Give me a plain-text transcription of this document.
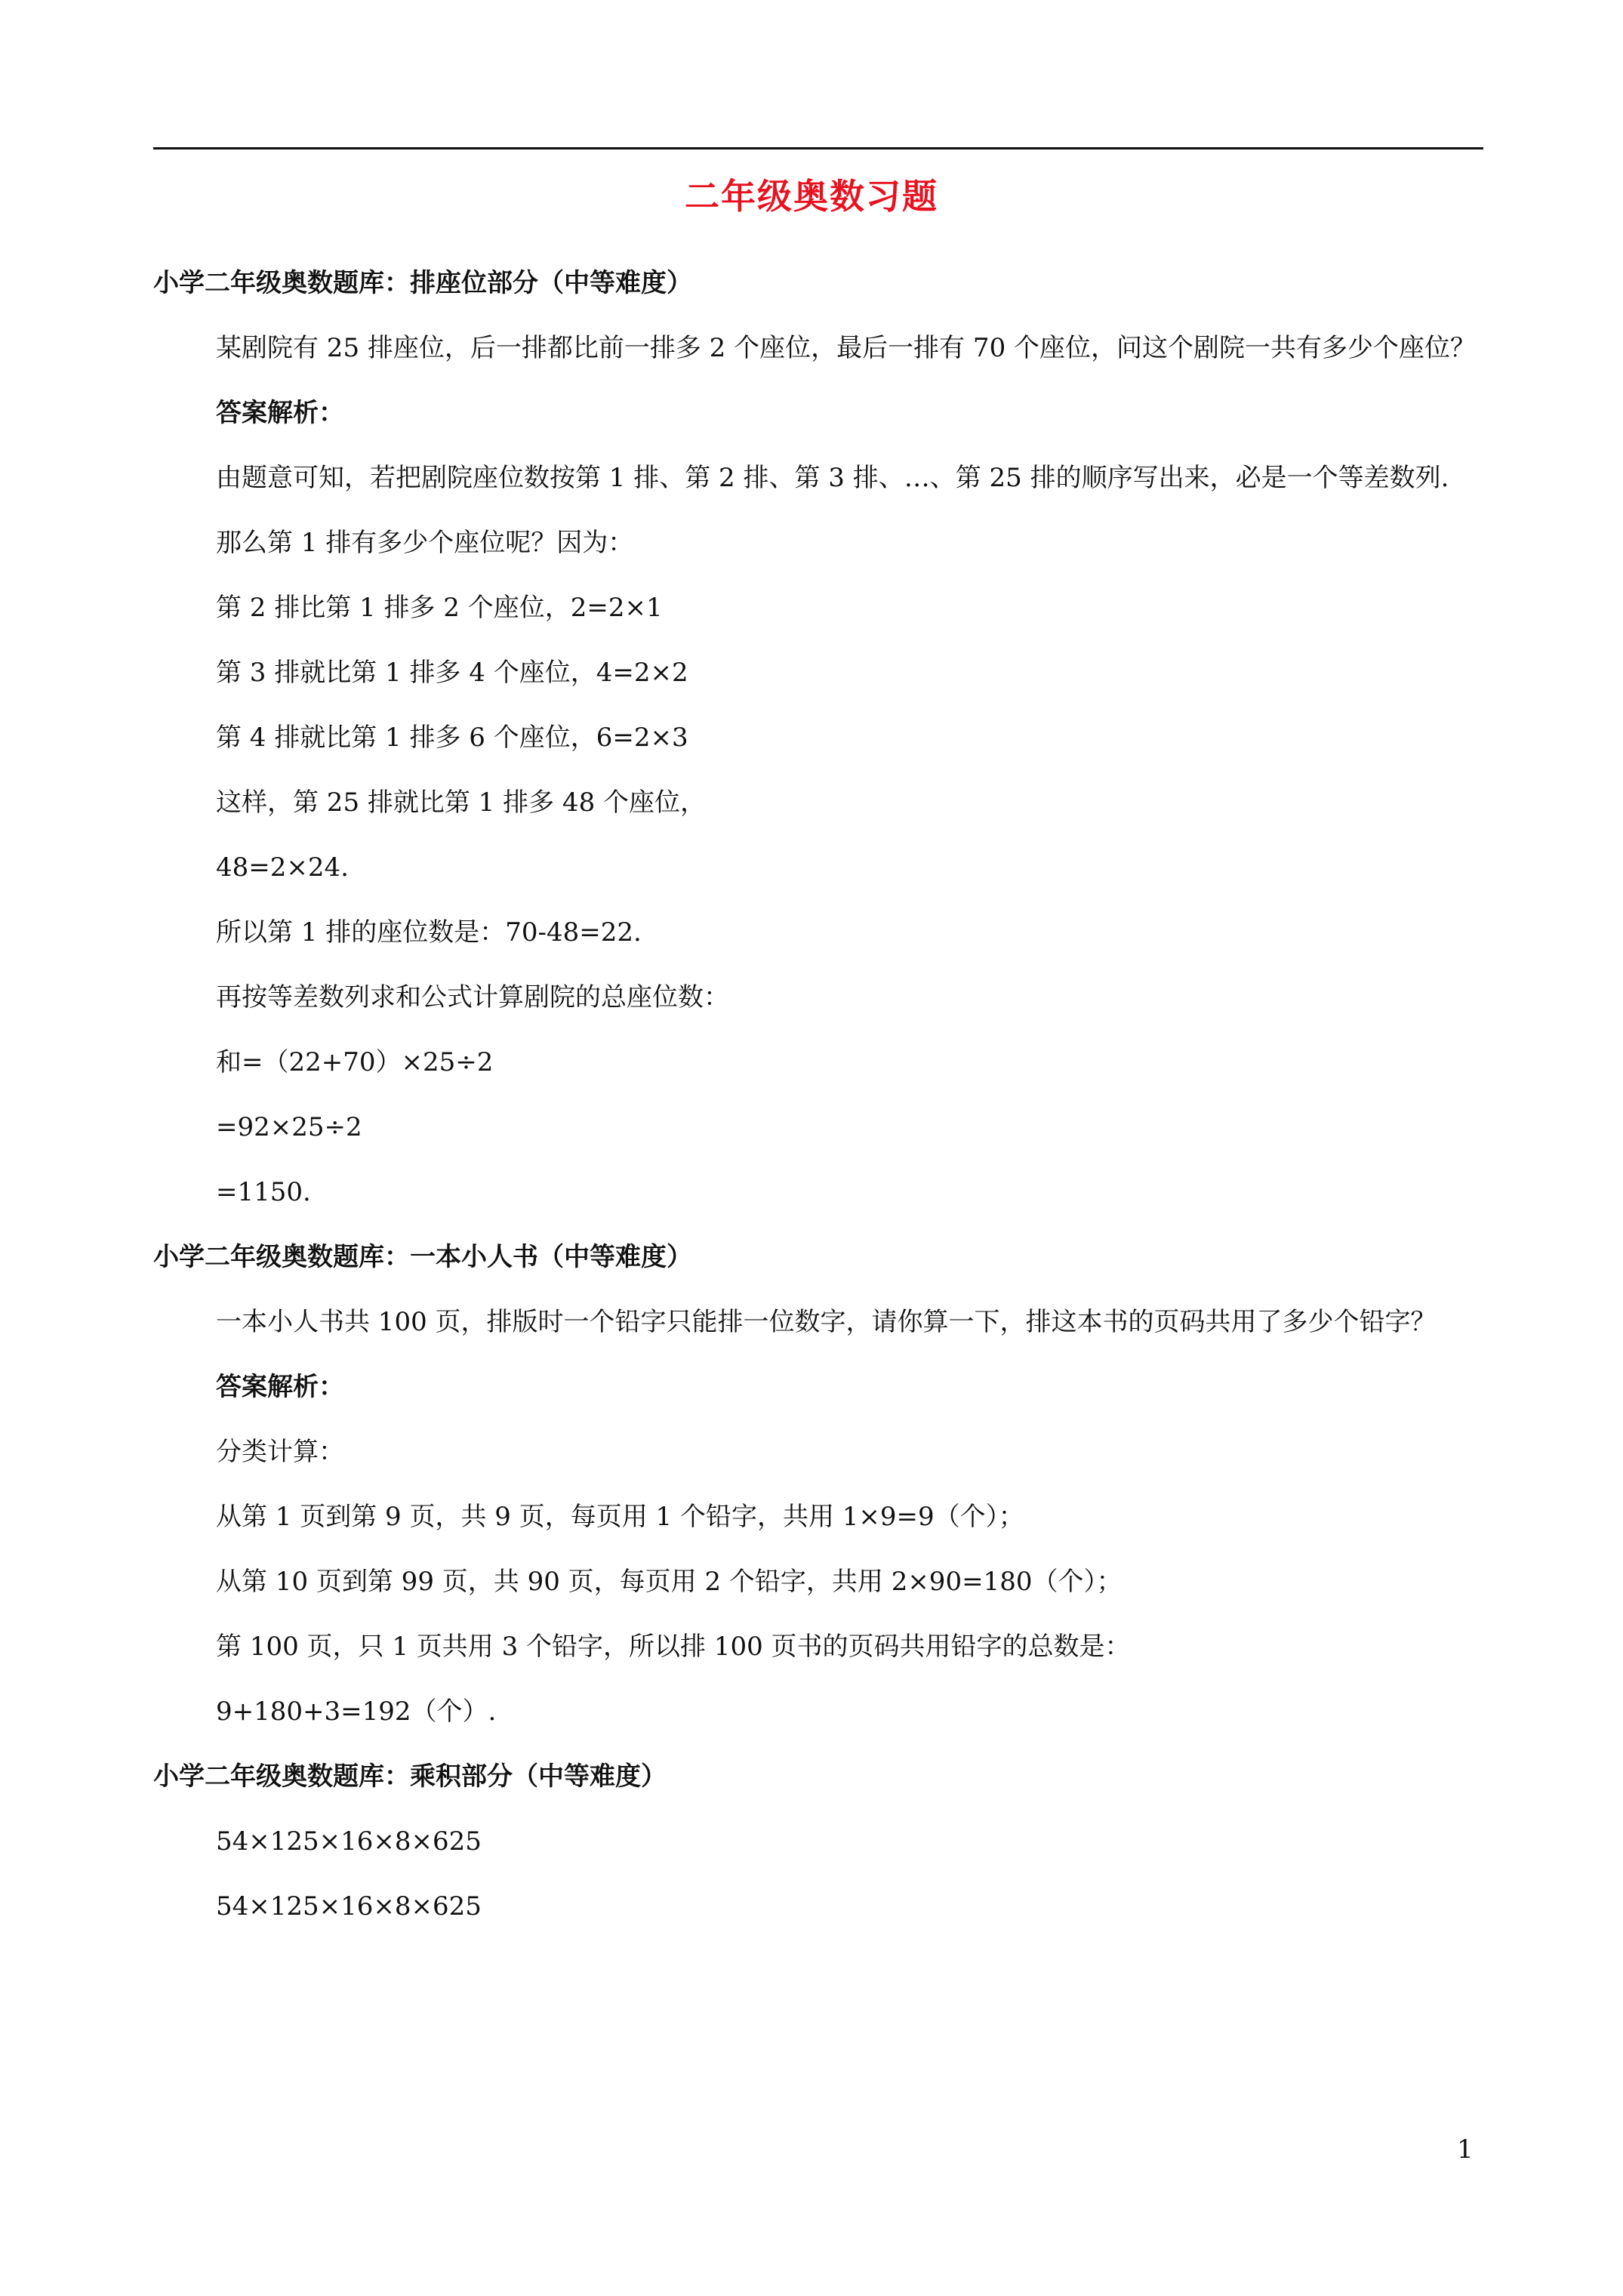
二年级奥数习题
小学二年级奥数题库：排座位部分（中等难度）

某剧院有 25 排座位，后一排都比前一排多 2 个座位，最后一排有 70 个座位，问这个剧院一共有多少个座位？

答案解析：

由题意可知，若把剧院座位数按第 1 排、第 2 排、第 3 排、…、第 25 排的顺序写出来，必是一个等差数列.

那么第 1 排有多少个座位呢？因为：
第 2 排比第 1 排多 2 个座位，2=2×1
第 3 排就比第 1 排多 4 个座位，4=2×2
第 4 排就比第 1 排多 6 个座位，6=2×3
这样，第 25 排就比第 1 排多 48 个座位，
48=2×24.
所以第 1 排的座位数是：70-48=22.
再按等差数列求和公式计算剧院的总座位数：
和=（22+70）×25÷2
=92×25÷2
=1150.
小学二年级奥数题库：一本小人书（中等难度）

一本小人书共 100 页，排版时一个铅字只能排一位数字，请你算一下，排这本书的页码共用了多少个铅字？

答案解析：
分类计算：
从第 1 页到第 9 页，共 9 页，每页用 1 个铅字，共用 1×9=9（个）；
从第 10 页到第 99 页，共 90 页，每页用 2 个铅字，共用 2×90=180（个）；
第 100 页，只 1 页共用 3 个铅字，所以排 100 页书的页码共用铅字的总数是：
9+180+3=192（个）.
小学二年级奥数题库：乘积部分（中等难度）
54×125×16×8×625
54×125×16×8×625
1
